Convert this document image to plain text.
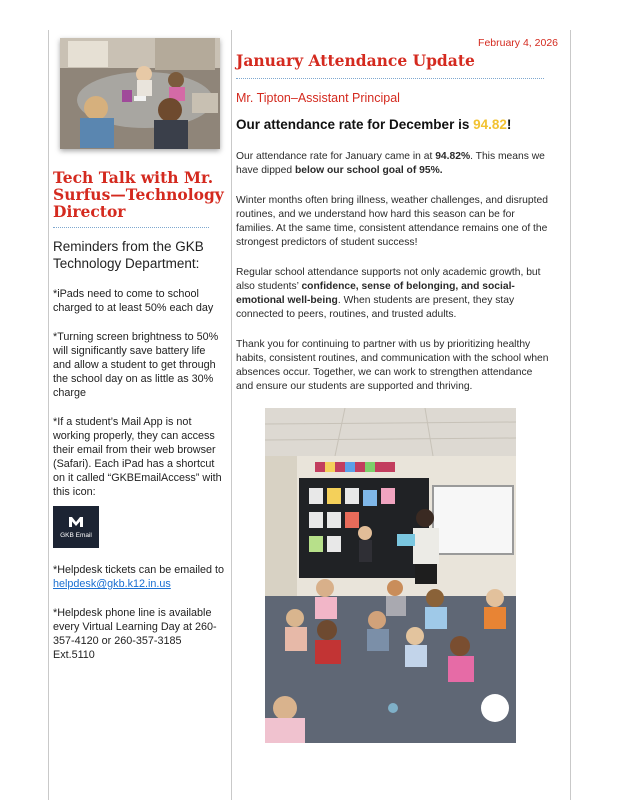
Tech Talk with Mr. Surfus—Technology Director

Reminders from the GKB Technology Department:

*iPads need to come to school charged to at least 50% each day

*Turning screen brightness to 50% will significantly save battery life and allow a student to get through the school day on as little as 30% charge

*If a student’s Mail App is not working properly, they can access their email from their web browser (Safari). Each iPad has a shortcut on it called “GKBEmailAccess” with this icon:

GKB Email

*Helpdesk tickets can be emailed to helpdesk@gkb.k12.in.us

*Helpdesk phone line is available every Virtual Learning Day at 260-357-4120 or 260-357-3185 Ext.5110

February 4, 2026
January Attendance Update

Mr. Tipton–Assistant Principal

Our attendance rate for December is 94.82!

Our attendance rate for January came in at 94.82%. This means we have dipped below our school goal of 95%.

Winter months often bring illness, weather challenges, and disrupted routines, and we understand how hard this season can be for families. At the same time, consistent attendance remains one of the strongest predictors of student success!

Regular school attendance supports not only academic growth, but also students’ confidence, sense of belonging, and social-emotional well-being. When students are present, they stay connected to peers, routines, and trusted adults.

Thank you for continuing to partner with us by prioritizing healthy habits, consistent routines, and communication with the school when absences occur. Together, we can work to strengthen attendance and ensure our students are supported and thriving.
